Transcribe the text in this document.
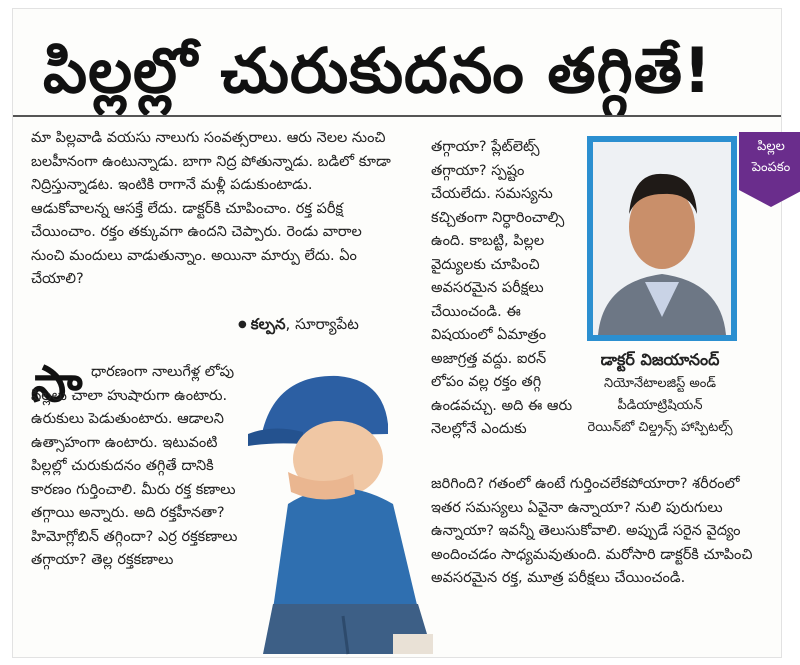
పిల్లల్లో చురుకుదనం తగ్గితే!
పిల్లల
పెంపకం
మా పిల్లవాడి వయసు నాలుగు సంవత్సరాలు. ఆరు నెలల నుంచి బలహీనంగా ఉంటున్నాడు. బాగా నిద్ర పోతున్నాడు. బడిలో కూడా నిద్రిస్తున్నాడట. ఇంటికి రాగానే మళ్లీ పడుకుంటాడు. ఆడుకోవాలన్న ఆసక్తే లేదు. డాక్టర్‌కి చూపించాం. రక్త పరీక్ష చేయించాం. రక్తం తక్కువగా ఉందని చెప్పారు. రెండు వారాల నుంచి మందులు వాడుతున్నాం. అయినా మార్పు లేదు. ఏం చేయాలి?
● కల్పన, సూర్యాపేట
సా ధారణంగా నాలుగేళ్ల లోపు పిల్లలు చాలా హుషారుగా ఉంటారు. ఉరుకులు పెడుతుంటారు. ఆడాలని ఉత్సాహంగా ఉంటారు. ఇటువంటి పిల్లల్లో చురుకుదనం తగ్గితే దానికి కారణం గుర్తించాలి. మీరు రక్త కణాలు తగ్గాయి అన్నారు. అది రక్తహీనతా? హిమోగ్లోబిన్ తగ్గిందా? ఎర్ర రక్తకణాలు తగ్గాయా? తెల్ల రక్తకణాలు
తగ్గాయా? ప్లేట్‌లెట్స్ తగ్గాయా? స్పష్టం చేయలేదు. సమస్యను కచ్చితంగా నిర్ధారించాల్సి ఉంది. కాబట్టి, పిల్లల వైద్యులకు చూపించి అవసరమైన పరీక్షలు చేయించండి. ఈ విషయంలో ఏమాత్రం అజాగ్రత్త వద్దు. ఐరన్ లోపం వల్ల రక్తం తగ్గి ఉండవచ్చు. అది ఈ ఆరు నెలల్లోనే ఎందుకు
డాక్టర్ విజయానంద్
నియోనేటాలజిస్ట్ అండ్
పీడియాట్రిషియన్
రెయిన్‌బో చిల్డ్రన్స్ హాస్పిటల్స్
జరిగింది? గతంలో ఉంటే గుర్తించలేకపోయారా? శరీరంలో ఇతర సమస్యలు ఏవైనా ఉన్నాయా? నులి పురుగులు ఉన్నాయా? ఇవన్నీ తెలుసుకోవాలి. అప్పుడే సరైన వైద్యం అందించడం సాధ్యమవుతుంది. మరోసారి డాక్టర్‌కి చూపించి అవసరమైన రక్త, మూత్ర పరీక్షలు చేయించండి.
